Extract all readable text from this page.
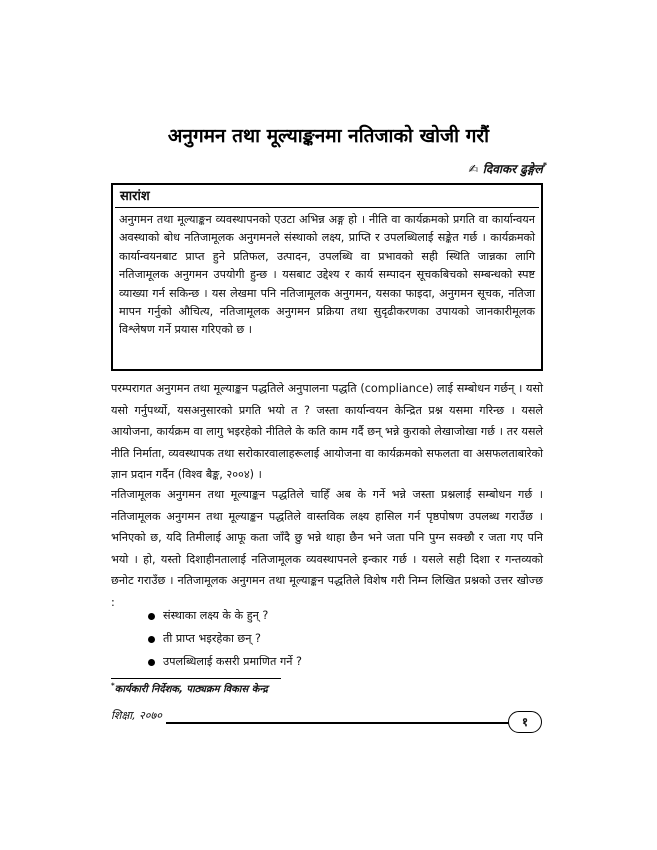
अनुगमन तथा मूल्याङ्कनमा नतिजाको खोजी गरौं
✍ दिवाकर ढुङ्गेल*
सारांश
अनुगमन तथा मूल्याङ्कन व्यवस्थापनको एउटा अभिन्न अङ्ग हो । नीति वा कार्यक्रमको प्रगति वा कार्यान्वयन अवस्थाको बोध नतिजामूलक अनुगमनले संस्थाको लक्ष्य, प्राप्ति र उपलब्धिलाई सङ्केत गर्छ । कार्यक्रमको कार्यान्वयनबाट प्राप्त हुने प्रतिफल, उत्पादन, उपलब्धि वा प्रभावको सही स्थिति जान्नका लागि नतिजामूलक अनुगमन उपयोगी हुन्छ । यसबाट उद्देश्य र कार्य सम्पादन सूचकबिचको सम्बन्धको स्पष्ट व्याख्या गर्न सकिन्छ । यस लेखमा पनि नतिजामूलक अनुगमन, यसका फाइदा, अनुगमन सूचक, नतिजा मापन गर्नुको औचित्य, नतिजामूलक अनुगमन प्रक्रिया तथा सुदृढीकरणका उपायको जानकारीमूलक विश्लेषण गर्ने प्रयास गरिएको छ ।
परम्परागत अनुगमन तथा मूल्याङ्कन पद्धतिले अनुपालना पद्धति (compliance) लाई सम्बोधन गर्छन् । यसो यसो गर्नुपर्थ्यो, यसअनुसारको प्रगति भयो त ? जस्ता कार्यान्वयन केन्द्रित प्रश्न यसमा गरिन्छ । यसले आयोजना, कार्यक्रम वा लागु भइरहेको नीतिले के कति काम गर्दै छन् भन्ने कुराको लेखाजोखा गर्छ । तर यसले नीति निर्माता, व्यवस्थापक तथा सरोकारवालाहरूलाई आयोजना वा कार्यक्रमको सफलता वा असफलताबारेको ज्ञान प्रदान गर्दैन (विश्व बैङ्क, २००४) ।
नतिजामूलक अनुगमन तथा मूल्याङ्कन पद्धतिले चाहिँ अब के गर्ने भन्ने जस्ता प्रश्नलाई सम्बोधन गर्छ । नतिजामूलक अनुगमन तथा मूल्याङ्कन पद्धतिले वास्तविक लक्ष्य हासिल गर्न पृष्ठपोषण उपलब्ध गराउँछ । भनिएको छ, यदि तिमीलाई आफू कता जाँदै छु भन्ने थाहा छैन भने जता पनि पुग्न सक्छौ र जता गए पनि भयो । हो, यस्तो दिशाहीनतालाई नतिजामूलक व्यवस्थापनले इन्कार गर्छ । यसले सही दिशा र गन्तव्यको छनोट गराउँछ । नतिजामूलक अनुगमन तथा मूल्याङ्कन पद्धतिले विशेष गरी निम्न लिखित प्रश्नको उत्तर खोज्छ :
संस्थाका लक्ष्य के के हुन् ?
ती प्राप्त भइरहेका छन् ?
उपलब्धिलाई कसरी प्रमाणित गर्ने ?
*कार्यकारी निर्देशक, पाठ्यक्रम विकास केन्द्र
शिक्षा, २०७०	१
